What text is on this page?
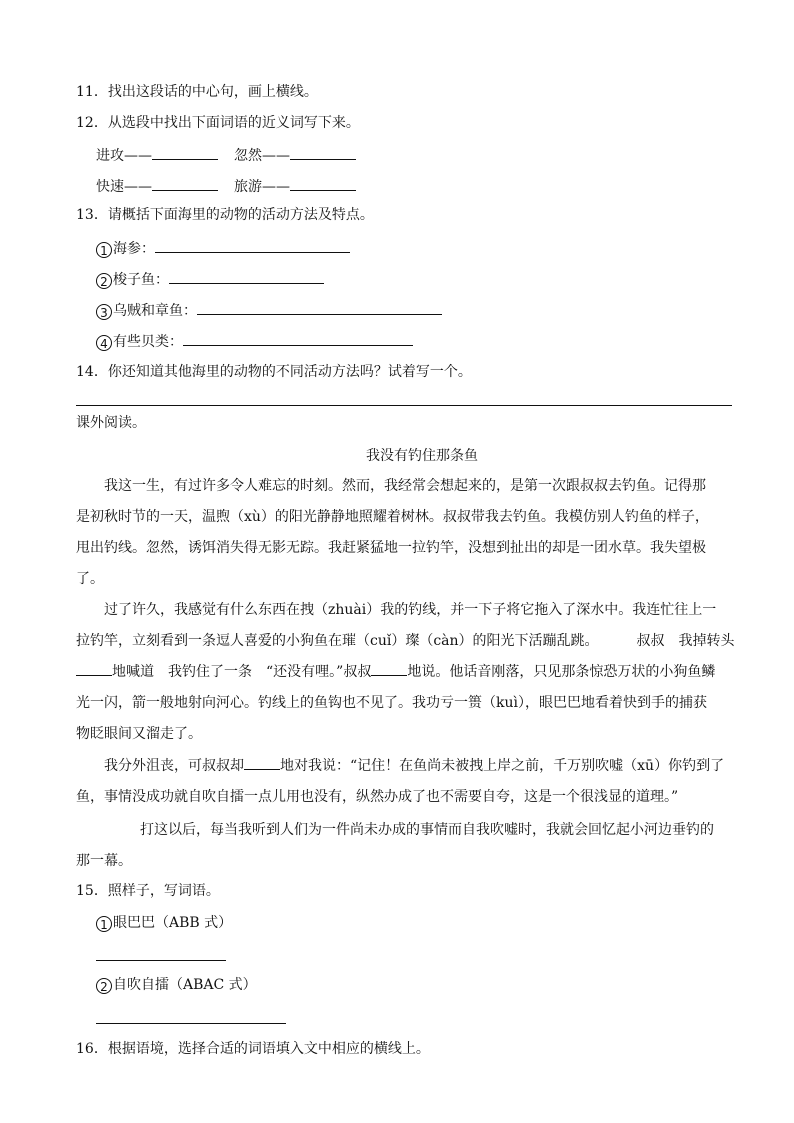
11．找出这段话的中心句，画上横线。
12．从选段中找出下面词语的近义词写下来。
进攻——	忽然——
快速——	旅游——
13．请概括下面海里的动物的活动方法及特点。
1 海参：
2 梭子鱼：
3 乌贼和章鱼：
4 有些贝类：
14．你还知道其他海里的动物的不同活动方法吗？试着写一个。
课外阅读。
我没有钓住那条鱼
我这一生，有过许多令人难忘的时刻。然而，我经常会想起来的，是第一次跟叔叔去钓鱼。记得那
是初秋时节的一天，温煦（xù）的阳光静静地照耀着树林。叔叔带我去钓鱼。我模仿别人钓鱼的样子，
甩出钓线。忽然，诱饵消失得无影无踪。我赶紧猛地一拉钓竿，没想到扯出的却是一团水草。我失望极
了。
过了许久，我感觉有什么东西在拽（zhuài）我的钓线，并一下子将它拖入了深水中。我连忙往上一
拉钓竿，立刻看到一条逗人喜爱的小狗鱼在璀（cuǐ）璨（càn）的阳光下活蹦乱跳。	叔叔 我掉转头
地喊道 我钓住了一条 “还没有哩。”叔叔	地说。他话音刚落，只见那条惊恐万状的小狗鱼鳞
光一闪，箭一般地射向河心。钓线上的鱼钩也不见了。我功亏一篑（kuì），眼巴巴地看着快到手的捕获
物眨眼间又溜走了。
我分外沮丧，可叔叔却	地对我说：“记住！在鱼尚未被拽上岸之前，千万别吹嘘（xū）你钓到了
鱼，事情没成功就自吹自擂一点儿用也没有，纵然办成了也不需要自夸，这是一个很浅显的道理。”
打这以后，每当我听到人们为一件尚未办成的事情而自我吹嘘时，我就会回忆起小河边垂钓的
那一幕。
15．照样子，写词语。
1 眼巴巴（ABB 式）
2 自吹自擂（ABAC 式）
16．根据语境，选择合适的词语填入文中相应的横线上。
